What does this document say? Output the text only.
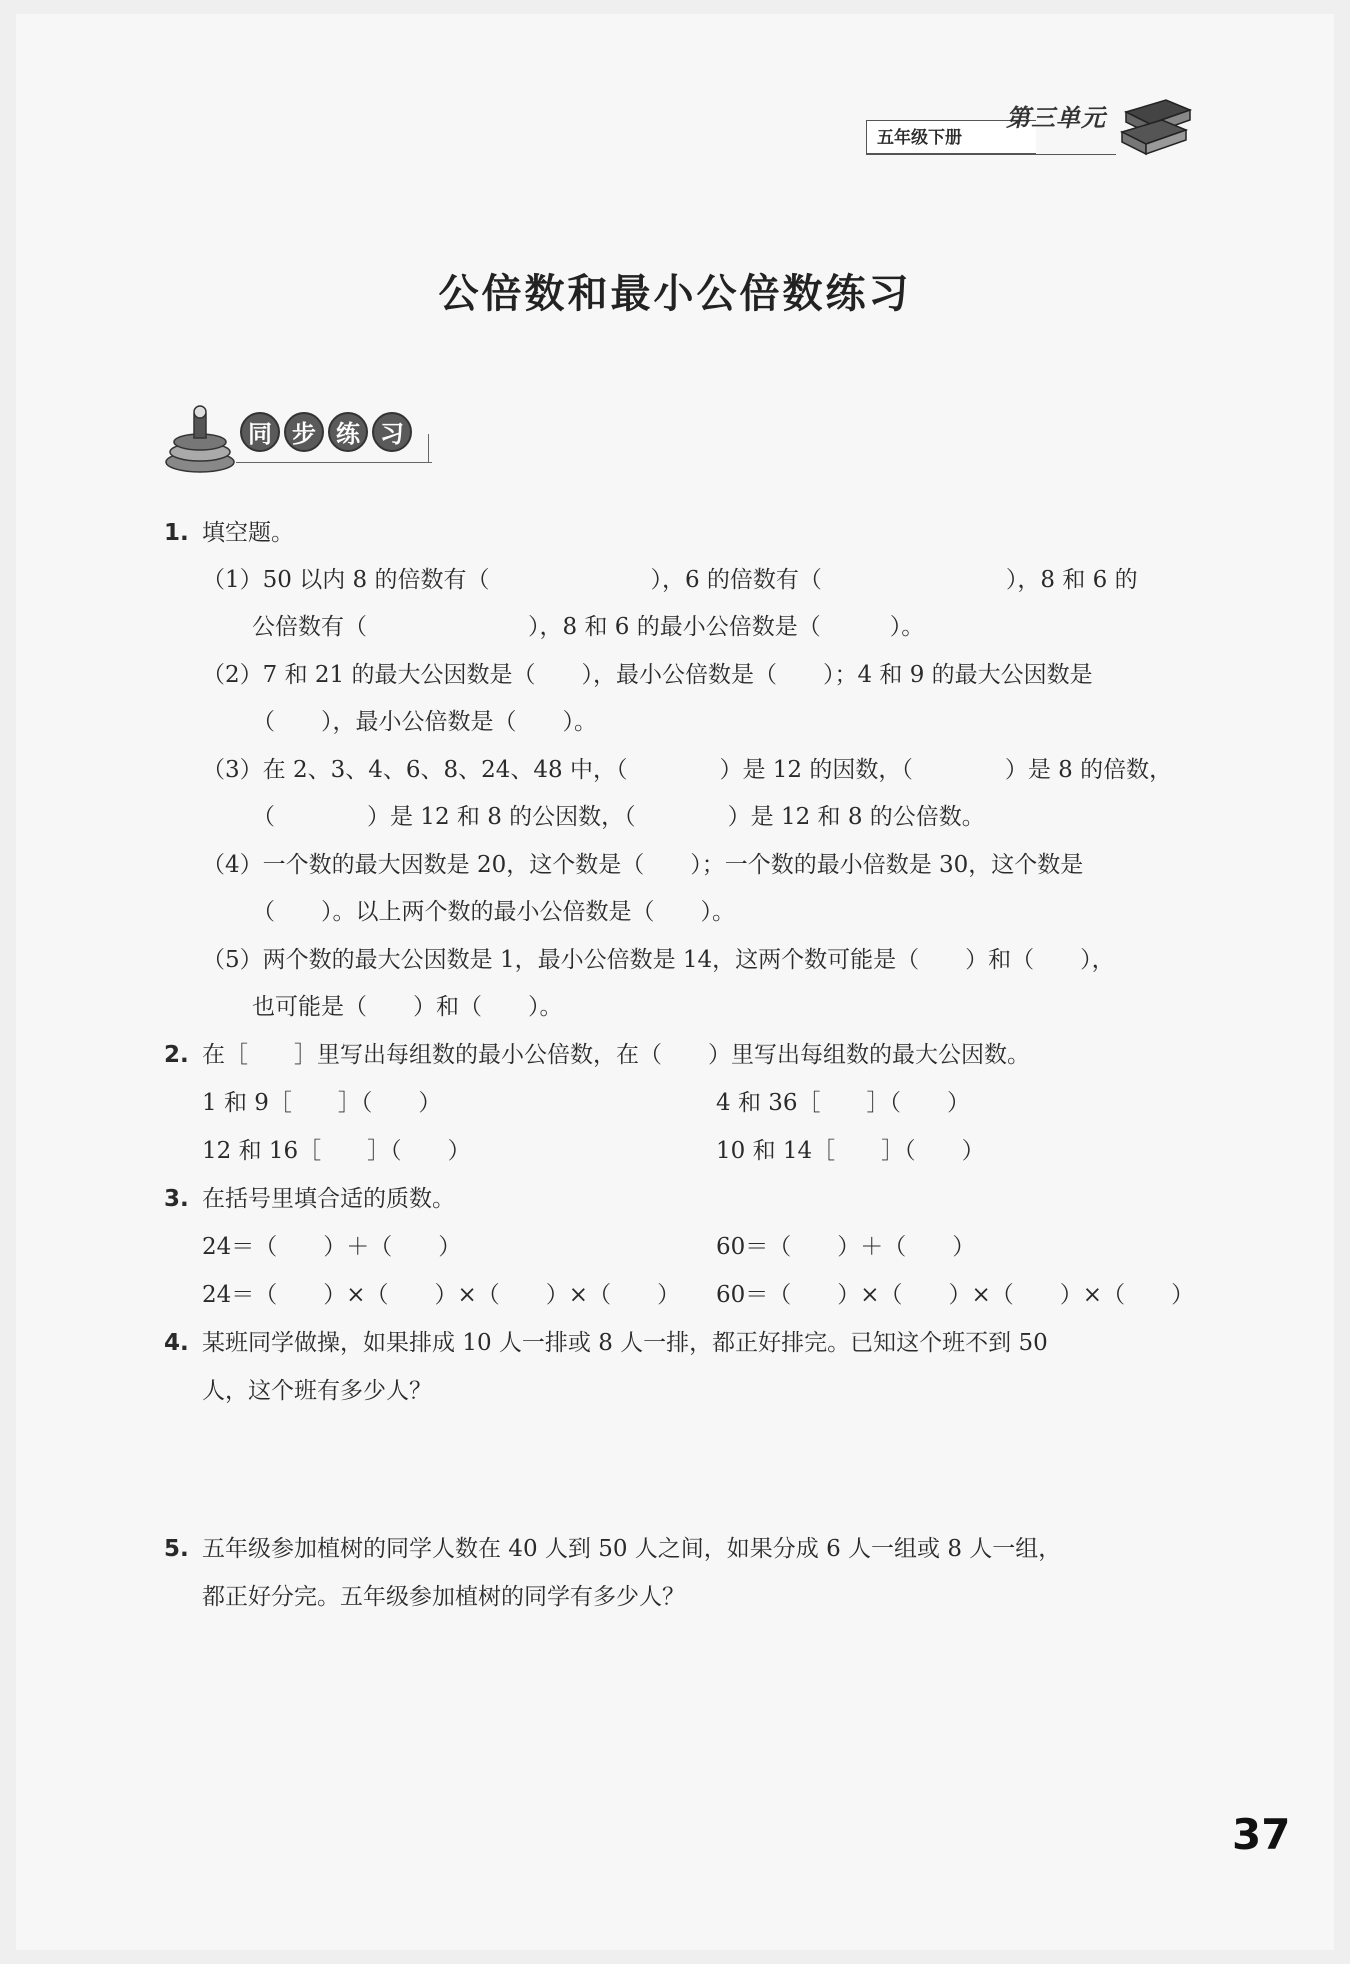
五年级下册
第三单元
公倍数和最小公倍数练习
同 步 练 习
1. 填空题。
（1）50 以内 8 的倍数有（　　　　　　　），6 的倍数有（　　　　　　　　），8 和 6 的
公倍数有（　　　　　　　），8 和 6 的最小公倍数是（　　　）。
（2）7 和 21 的最大公因数是（　　），最小公倍数是（　　）；4 和 9 的最大公因数是
（　　），最小公倍数是（　　）。
（3）在 2、3、4、6、8、24、48 中，（　　　　）是 12 的因数，（　　　　）是 8 的倍数，
（　　　　）是 12 和 8 的公因数，（　　　　）是 12 和 8 的公倍数。
（4）一个数的最大因数是 20，这个数是（　　）；一个数的最小倍数是 30，这个数是
（　　）。以上两个数的最小公倍数是（　　）。
（5）两个数的最大公因数是 1，最小公倍数是 14，这两个数可能是（　　）和（　　），
也可能是（　　）和（　　）。
2. 在［　　］里写出每组数的最小公倍数，在（　　）里写出每组数的最大公因数。
1 和 9［　　］（　　）	4 和 36［　　］（　　）
12 和 16［　　］（　　）	10 和 14［　　］（　　）
3. 在括号里填合适的质数。
24＝（　　）＋（　　）	60＝（　　）＋（　　）
24＝（　　）×（　　）×（　　）×（　　） 60＝（　　）×（　　）×（　　）×（　　）
4. 某班同学做操，如果排成 10 人一排或 8 人一排，都正好排完。已知这个班不到 50
人，这个班有多少人？
5. 五年级参加植树的同学人数在 40 人到 50 人之间，如果分成 6 人一组或 8 人一组，
都正好分完。五年级参加植树的同学有多少人？
37
